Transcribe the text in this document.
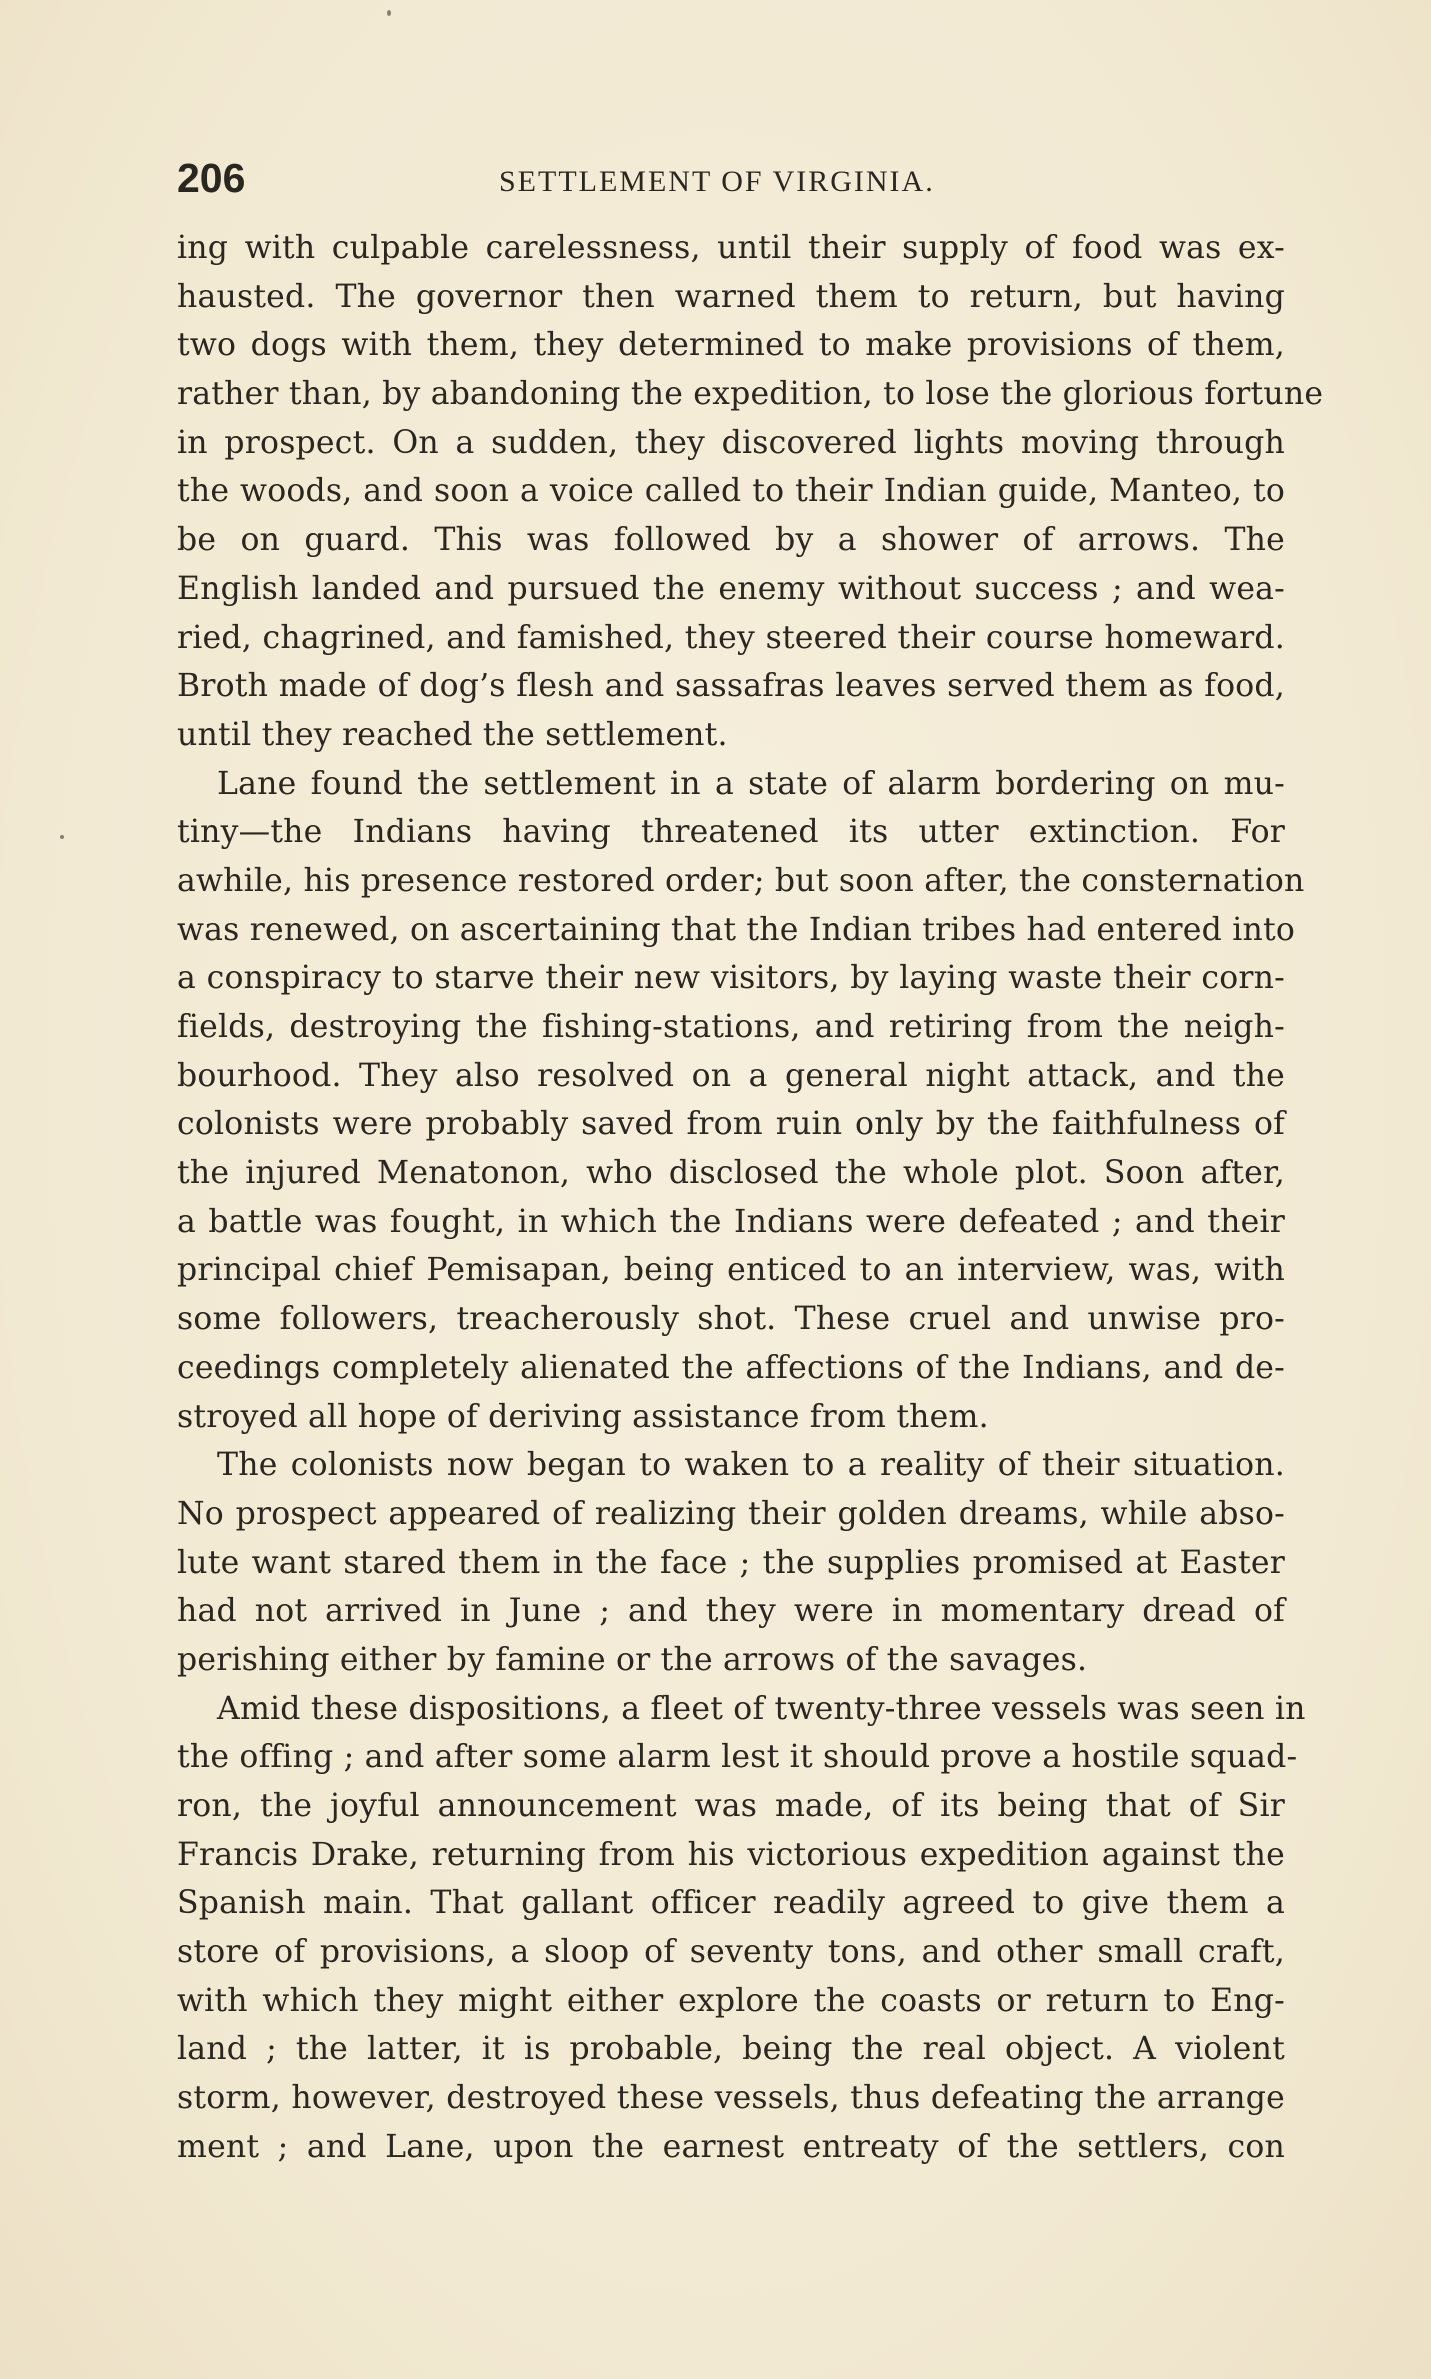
206	SETTLEMENT OF VIRGINIA.
ing with culpable carelessness, until their supply of food was ex-
hausted. The governor then warned them to return, but having
two dogs with them, they determined to make provisions of them,
rather than, by abandoning the expedition, to lose the glorious fortune
in prospect. On a sudden, they discovered lights moving through
the woods, and soon a voice called to their Indian guide, Manteo, to
be on guard. This was followed by a shower of arrows. The
English landed and pursued the enemy without success ; and wea-
ried, chagrined, and famished, they steered their course homeward.
Broth made of dog’s flesh and sassafras leaves served them as food,
until they reached the settlement.
Lane found the settlement in a state of alarm bordering on mu-
tiny—the Indians having threatened its utter extinction. For
awhile, his presence restored order; but soon after, the consternation
was renewed, on ascertaining that the Indian tribes had entered into
a conspiracy to starve their new visitors, by laying waste their corn-
fields, destroying the fishing-stations, and retiring from the neigh-
bourhood. They also resolved on a general night attack, and the
colonists were probably saved from ruin only by the faithfulness of
the injured Menatonon, who disclosed the whole plot. Soon after,
a battle was fought, in which the Indians were defeated ; and their
principal chief Pemisapan, being enticed to an interview, was, with
some followers, treacherously shot. These cruel and unwise pro-
ceedings completely alienated the affections of the Indians, and de-
stroyed all hope of deriving assistance from them.
The colonists now began to waken to a reality of their situation.
No prospect appeared of realizing their golden dreams, while abso-
lute want stared them in the face ; the supplies promised at Easter
had not arrived in June ; and they were in momentary dread of
perishing either by famine or the arrows of the savages.
Amid these dispositions, a fleet of twenty-three vessels was seen in
the offing ; and after some alarm lest it should prove a hostile squad-
ron, the joyful announcement was made, of its being that of Sir
Francis Drake, returning from his victorious expedition against the
Spanish main. That gallant officer readily agreed to give them a
store of provisions, a sloop of seventy tons, and other small craft,
with which they might either explore the coasts or return to Eng-
land ; the latter, it is probable, being the real object. A violent
storm, however, destroyed these vessels, thus defeating the arrange
ment ; and Lane, upon the earnest entreaty of the settlers, con
